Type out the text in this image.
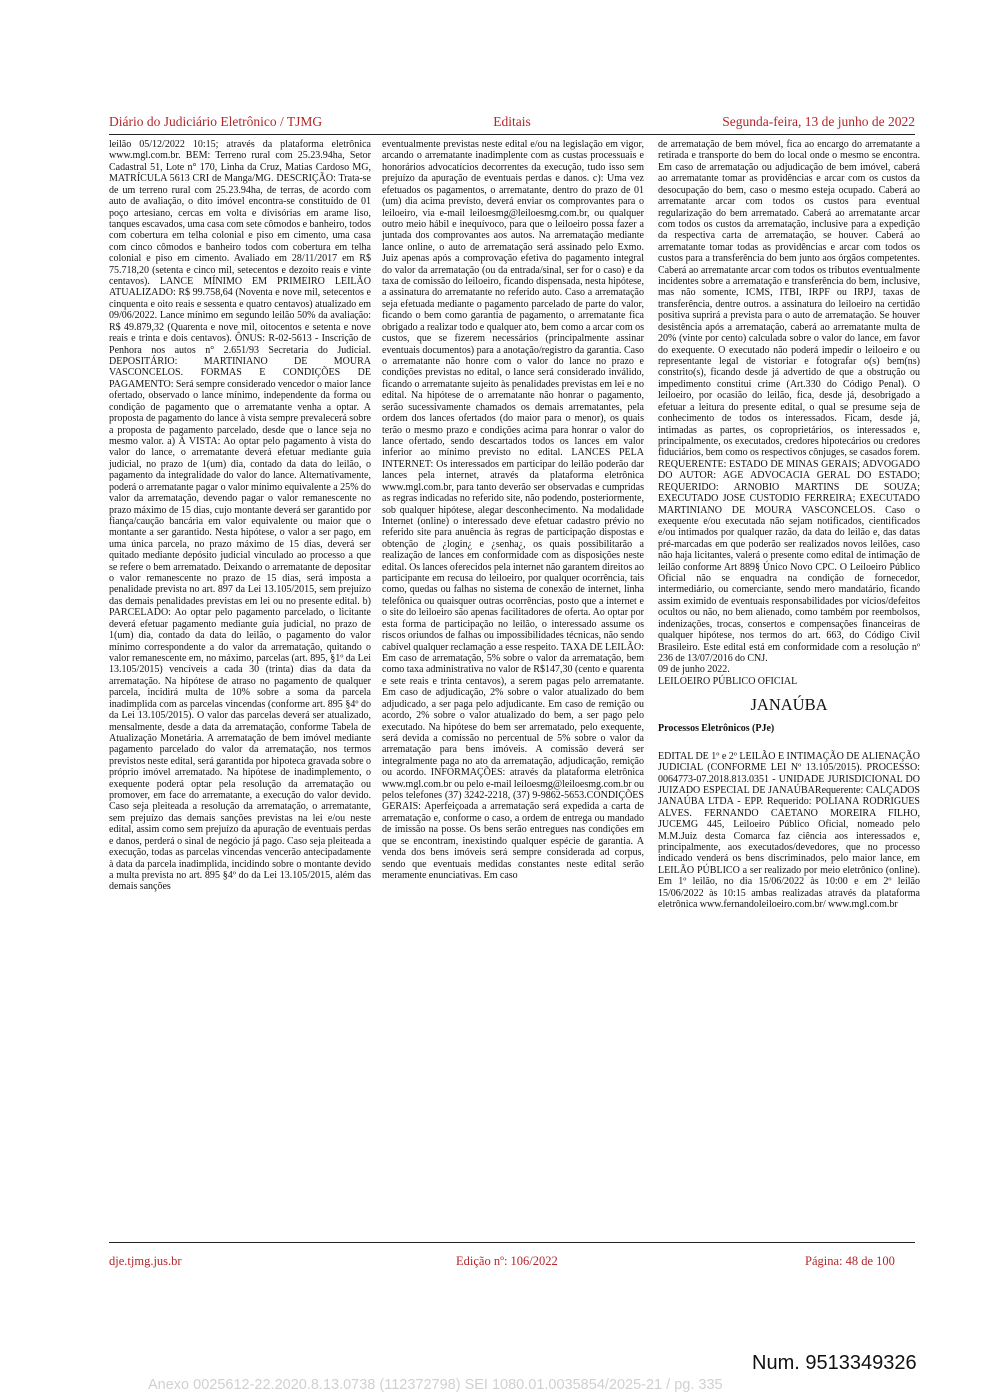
Diário do Judiciário Eletrônico / TJMG	Editais	Segunda-feira, 13 de junho de 2022

leilão 05/12/2022 10:15; através da plataforma eletrônica www.mgl.com.br. BEM: Terreno rural com 25.23.94ha, Setor Cadastral 51, Lote n° 170, Linha da Cruz, Matias Cardoso MG, MATRÍCULA 5613 CRI de Manga/MG. DESCRIÇÃO: Trata-se de um terreno rural com 25.23.94ha, de terras, de acordo com auto de avaliação, o dito imóvel encontra-se constituído de 01 poço artesiano, cercas em volta e divisórias em arame liso, tanques escavados, uma casa com sete cômodos e banheiro, todos com cobertura em telha colonial e piso em cimento, uma casa com cinco cômodos e banheiro todos com cobertura em telha colonial e piso em cimento. Avaliado em 28/11/2017 em R$ 75.718,20 (setenta e cinco mil, setecentos e dezoito reais e vinte centavos). LANCE MÍNIMO EM PRIMEIRO LEILÃO ATUALIZADO: R$ 99.758,64 (Noventa e nove mil, setecentos e cinquenta e oito reais e sessenta e quatro centavos) atualizado em 09/06/2022. Lance mínimo em segundo leilão 50% da avaliação: R$ 49.879,32 (Quarenta e nove mil, oitocentos e setenta e nove reais e trinta e dois centavos). ÔNUS: R-02-5613 - Inscrição de Penhora nos autos n° 2.651/93 Secretaria do Judicial. DEPOSITÁRIO: MARTINIANO DE MOURA VASCONCELOS. FORMAS E CONDIÇÕES DE PAGAMENTO: Será sempre considerado vencedor o maior lance ofertado, observado o lance mínimo, independente da forma ou condição de pagamento que o arrematante venha a optar. A proposta de pagamento do lance à vista sempre prevalecerá sobre a proposta de pagamento parcelado, desde que o lance seja no mesmo valor. a) À VISTA: Ao optar pelo pagamento à vista do valor do lance, o arrematante deverá efetuar mediante guia judicial, no prazo de 1(um) dia, contado da data do leilão, o pagamento da integralidade do valor do lance. Alternativamente, poderá o arrematante pagar o valor mínimo equivalente a 25% do valor da arrematação, devendo pagar o valor remanescente no prazo máximo de 15 dias, cujo montante deverá ser garantido por fiança/caução bancária em valor equivalente ou maior que o montante a ser garantido. Nesta hipótese, o valor a ser pago, em uma única parcela, no prazo máximo de 15 dias, deverá ser quitado mediante depósito judicial vinculado ao processo a que se refere o bem arrematado. Deixando o arrematante de depositar o valor remanescente no prazo de 15 dias, será imposta a penalidade prevista no art. 897 da Lei 13.105/2015, sem prejuízo das demais penalidades previstas em lei ou no presente edital. b) PARCELADO: Ao optar pelo pagamento parcelado, o licitante deverá efetuar pagamento mediante guia judicial, no prazo de 1(um) dia, contado da data do leilão, o pagamento do valor mínimo correspondente a do valor da arrematação, quitando o valor remanescente em, no máximo, parcelas (art. 895, §1º da Lei 13.105/2015) vencíveis a cada 30 (trinta) dias da data da arrematação. Na hipótese de atraso no pagamento de qualquer parcela, incidirá multa de 10% sobre a soma da parcela inadimplida com as parcelas vincendas (conforme art. 895 §4º do da Lei 13.105/2015). O valor das parcelas deverá ser atualizado, mensalmente, desde a data da arrematação, conforme Tabela de Atualização Monetária. A arrematação de bem imóvel mediante pagamento parcelado do valor da arrematação, nos termos previstos neste edital, será garantida por hipoteca gravada sobre o próprio imóvel arrematado. Na hipótese de inadimplemento, o exequente poderá optar pela resolução da arrematação ou promover, em face do arrematante, a execução do valor devido. Caso seja pleiteada a resolução da arrematação, o arrematante, sem prejuízo das demais sanções previstas na lei e/ou neste edital, assim como sem prejuízo da apuração de eventuais perdas e danos, perderá o sinal de negócio já pago. Caso seja pleiteada a execução, todas as parcelas vincendas vencerão antecipadamente à data da parcela inadimplida, incidindo sobre o montante devido a multa prevista no art. 895 §4º do da Lei 13.105/2015, além das demais sanções

eventualmente previstas neste edital e/ou na legislação em vigor, arcando o arrematante inadimplente com as custas processuais e honorários advocatícios decorrentes da execução, tudo isso sem prejuízo da apuração de eventuais perdas e danos. c): Uma vez efetuados os pagamentos, o arrematante, dentro do prazo de 01 (um) dia acima previsto, deverá enviar os comprovantes para o leiloeiro, via e-mail leiloesmg@leiloesmg.com.br, ou qualquer outro meio hábil e inequívoco, para que o leiloeiro possa fazer a juntada dos comprovantes aos autos. Na arrematação mediante lance online, o auto de arrematação será assinado pelo Exmo. Juiz apenas após a comprovação efetiva do pagamento integral do valor da arrematação (ou da entrada/sinal, ser for o caso) e da taxa de comissão do leiloeiro, ficando dispensada, nesta hipótese, a assinatura do arrematante no referido auto. Caso a arrematação seja efetuada mediante o pagamento parcelado de parte do valor, ficando o bem como garantia de pagamento, o arrematante fica obrigado a realizar todo e qualquer ato, bem como a arcar com os custos, que se fizerem necessários (principalmente assinar eventuais documentos) para a anotação/registro da garantia. Caso o arrematante não honre com o valor do lance no prazo e condições previstas no edital, o lance será considerado inválido, ficando o arrematante sujeito às penalidades previstas em lei e no edital. Na hipótese de o arrematante não honrar o pagamento, serão sucessivamente chamados os demais arrematantes, pela ordem dos lances ofertados (do maior para o menor), os quais terão o mesmo prazo e condições acima para honrar o valor do lance ofertado, sendo descartados todos os lances em valor inferior ao mínimo previsto no edital. LANCES PELA INTERNET: Os interessados em participar do leilão poderão dar lances pela internet, através da plataforma eletrônica www.mgl.com.br, para tanto deverão ser observadas e cumpridas as regras indicadas no referido site, não podendo, posteriormente, sob qualquer hipótese, alegar desconhecimento. Na modalidade Internet (online) o interessado deve efetuar cadastro prévio no referido site para anuência às regras de participação dispostas e obtenção de ¿login¿ e ¿senha¿, os quais possibilitarão a realização de lances em conformidade com as disposições neste edital. Os lances oferecidos pela internet não garantem direitos ao participante em recusa do leiloeiro, por qualquer ocorrência, tais como, quedas ou falhas no sistema de conexão de internet, linha telefônica ou quaisquer outras ocorrências, posto que a internet e o site do leiloeiro são apenas facilitadores de oferta. Ao optar por esta forma de participação no leilão, o interessado assume os riscos oriundos de falhas ou impossibilidades técnicas, não sendo cabível qualquer reclamação a esse respeito. TAXA DE LEILÃO: Em caso de arrematação, 5% sobre o valor da arrematação, bem como taxa administrativa no valor de R$147,30 (cento e quarenta e sete reais e trinta centavos), a serem pagas pelo arrematante. Em caso de adjudicação, 2% sobre o valor atualizado do bem adjudicado, a ser paga pelo adjudicante. Em caso de remição ou acordo, 2% sobre o valor atualizado do bem, a ser pago pelo executado. Na hipótese do bem ser arrematado, pelo exequente, será devida a comissão no percentual de 5% sobre o valor da arrematação para bens imóveis. A comissão deverá ser integralmente paga no ato da arrematação, adjudicação, remição ou acordo. INFORMAÇÕES: através da plataforma eletrônica www.mgl.com.br ou pelo e-mail leiloesmg@leiloesmg.com.br ou pelos telefones (37) 3242-2218, (37) 9-9862-5653.CONDIÇÕES GERAIS: Aperfeiçoada a arrematação será expedida a carta de arrematação e, conforme o caso, a ordem de entrega ou mandado de imissão na posse. Os bens serão entregues nas condições em que se encontram, inexistindo qualquer espécie de garantia. A venda dos bens imóveis será sempre considerada ad corpus, sendo que eventuais medidas constantes neste edital serão meramente enunciativas. Em caso

de arrematação de bem móvel, fica ao encargo do arrematante a retirada e transporte do bem do local onde o mesmo se encontra. Em caso de arrematação ou adjudicação de bem imóvel, caberá ao arrematante tomar as providências e arcar com os custos da desocupação do bem, caso o mesmo esteja ocupado. Caberá ao arrematante arcar com todos os custos para eventual regularização do bem arrematado. Caberá ao arrematante arcar com todos os custos da arrematação, inclusive para a expedição da respectiva carta de arrematação, se houver. Caberá ao arrematante tomar todas as providências e arcar com todos os custos para a transferência do bem junto aos órgãos competentes. Caberá ao arrematante arcar com todos os tributos eventualmente incidentes sobre a arrematação e transferência do bem, inclusive, mas não somente, ICMS, ITBI, IRPF ou IRPJ, taxas de transferência, dentre outros. a assinatura do leiloeiro na certidão positiva suprirá a prevista para o auto de arrematação. Se houver desistência após a arrematação, caberá ao arrematante multa de 20% (vinte por cento) calculada sobre o valor do lance, em favor do exequente. O executado não poderá impedir o leiloeiro e ou representante legal de vistoriar e fotografar o(s) bem(ns) constrito(s), ficando desde já advertido de que a obstrução ou impedimento constitui crime (Art.330 do Código Penal). O leiloeiro, por ocasião do leilão, fica, desde já, desobrigado a efetuar a leitura do presente edital, o qual se presume seja de conhecimento de todos os interessados. Ficam, desde já, intimadas as partes, os coproprietários, os interessados e, principalmente, os executados, credores hipotecários ou credores fiduciários, bem como os respectivos cônjuges, se casados forem. REQUERENTE: ESTADO DE MINAS GERAIS; ADVOGADO DO AUTOR: AGE ADVOCACIA GERAL DO ESTADO; REQUERIDO: ARNOBIO MARTINS DE SOUZA; EXECUTADO JOSE CUSTODIO FERREIRA; EXECUTADO MARTINIANO DE MOURA VASCONCELOS. Caso o exequente e/ou executada não sejam notificados, cientificados e/ou intimados por qualquer razão, da data do leilão e, das datas pré-marcadas em que poderão ser realizados novos leilões, caso não haja licitantes, valerá o presente como edital de intimação de leilão conforme Art 889§ Único Novo CPC. O Leiloeiro Público Oficial não se enquadra na condição de fornecedor, intermediário, ou comerciante, sendo mero mandatário, ficando assim eximido de eventuais responsabilidades por vícios/defeitos ocultos ou não, no bem alienado, como também por reembolsos, indenizações, trocas, consertos e compensações financeiras de qualquer hipótese, nos termos do art. 663, do Código Civil Brasileiro. Este edital está em conformidade com a resolução nº 236 de 13/07/2016 do CNJ.

09 de junho 2022.

LEILOEIRO PÚBLICO OFICIAL

JANAÚBA

Processos Eletrônicos (PJe)

EDITAL DE 1º e 2º LEILÃO E INTIMAÇÃO DE ALIENAÇÃO JUDICIAL (CONFORME LEI Nº 13.105/2015). PROCESSO: 0064773-07.2018.813.0351 - UNIDADE JURISDICIONAL DO JUIZADO ESPECIAL DE JANAÚBARequerente: CALÇADOS JANAÚBA LTDA - EPP. Requerido: POLIANA RODRIGUES ALVES. FERNANDO CAETANO MOREIRA FILHO, JUCEMG 445, Leiloeiro Público Oficial, nomeado pelo M.M.Juiz desta Comarca faz ciência aos interessados e, principalmente, aos executados/devedores, que no processo indicado venderá os bens discriminados, pelo maior lance, em LEILÃO PÚBLICO a ser realizado por meio eletrônico (online). Em 1º leilão, no dia 15/06/2022 às 10:00 e em 2º leilão 15/06/2022 às 10:15 ambas realizadas através da plataforma eletrônica www.fernandoleiloeiro.com.br/ www.mgl.com.br

dje.tjmg.jus.br	Edição nº: 106/2022	Página: 48 de 100
Num. 9513349326
Anexo 0025612-22.2020.8.13.0738 (112372798) SEI 1080.01.0035854/2025-21 / pg. 335
